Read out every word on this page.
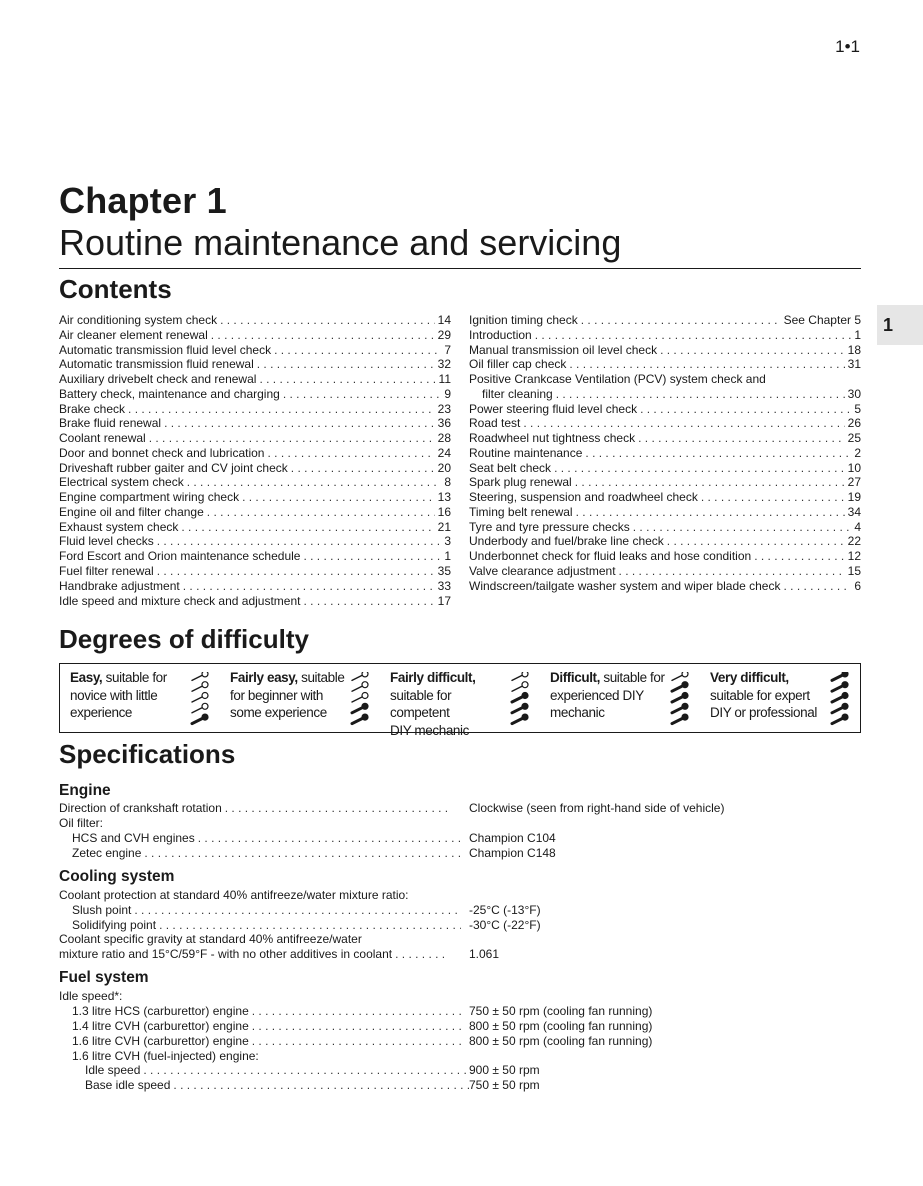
1•1
Chapter 1
Routine maintenance and servicing
1
Contents
Air conditioning system check . . .	14
Air cleaner element renewal . . .	29
Automatic transmission fluid level check . . .	7
Automatic transmission fluid renewal . . .	32
Auxiliary drivebelt check and renewal . . .	11
Battery check, maintenance and charging . . .	9
Brake check . . .	23
Brake fluid renewal . . .	36
Coolant renewal . . .	28
Door and bonnet check and lubrication . . .	24
Driveshaft rubber gaiter and CV joint check . . .	20
Electrical system check . . .	8
Engine compartment wiring check . . .	13
Engine oil and filter change . . .	16
Exhaust system check . . .	21
Fluid level checks . . .	3
Ford Escort and Orion maintenance schedule . . .	1
Fuel filter renewal . . .	35
Handbrake adjustment . . .	33
Idle speed and mixture check and adjustment . . .	17
Ignition timing check . . .	See Chapter 5
Introduction . . .	1
Manual transmission oil level check . . .	18
Oil filler cap check . . .	31
Positive Crankcase Ventilation (PCV) system check and
filter cleaning . . .	30
Power steering fluid level check . . .	5
Road test . . .	26
Roadwheel nut tightness check . . .	25
Routine maintenance . . .	2
Seat belt check . . .	10
Spark plug renewal . . .	27
Steering, suspension and roadwheel check . . .	19
Timing belt renewal . . .	34
Tyre and tyre pressure checks . . .	4
Underbody and fuel/brake line check . . .	22
Underbonnet check for fluid leaks and hose condition . . .	12
Valve clearance adjustment . . .	15
Windscreen/tailgate washer system and wiper blade check . . .	6
Degrees of difficulty
Easy, suitable for
novice with little
experience
Fairly easy, suitable
for beginner with
some experience
Fairly difficult,
suitable for competent
DIY mechanic
Difficult, suitable for
experienced DIY
mechanic
Very difficult,
suitable for expert
DIY or professional
Specifications
Engine
Direction of crankshaft rotation . . .	Clockwise (seen from right-hand side of vehicle)
Oil filter:
HCS and CVH engines . . .	Champion C104
Zetec engine . . .	Champion C148
Cooling system
Coolant protection at standard 40% antifreeze/water mixture ratio:
Slush point . . .	-25°C (-13°F)
Solidifying point . . .	-30°C (-22°F)
Coolant specific gravity at standard 40% antifreeze/water
mixture ratio and 15°C/59°F - with no other additives in coolant . . .	1.061
Fuel system
Idle speed*:
1.3 litre HCS (carburettor) engine . . .	750 ± 50 rpm (cooling fan running)
1.4 litre CVH (carburettor) engine . . .	800 ± 50 rpm (cooling fan running)
1.6 litre CVH (carburettor) engine . . .	800 ± 50 rpm (cooling fan running)
1.6 litre CVH (fuel-injected) engine:
Idle speed . . .	900 ± 50 rpm
Base idle speed . . .	750 ± 50 rpm
